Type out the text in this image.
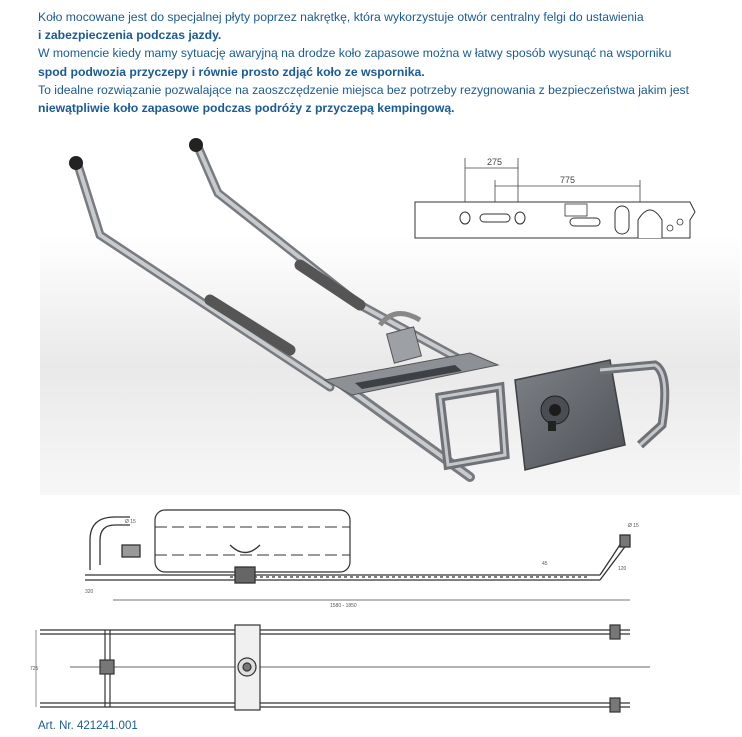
Koło mocowane jest do specjalnej płyty poprzez nakrętkę, która wykorzystuje otwór centralny felgi do ustawienia

i zabezpieczenia podczas jazdy.

W momencie kiedy mamy sytuację awaryjną na drodze koło zapasowe można w łatwy sposób wysunąć na wsporniku

spod podwozia przyczepy i równie prosto zdjąć koło ze wspornika.

To idealne rozwiązanie pozwalające na zaoszczędzenie miejsca bez potrzeby rezygnowania z bezpieczeństwa jakim jest

niewątpliwie koło zapasowe podczas podróży z przyczepą kempingową.

275
775
1580 - 1850
320
Ø 15
Ø 15
45
120
725
Art. Nr. 421241.001
